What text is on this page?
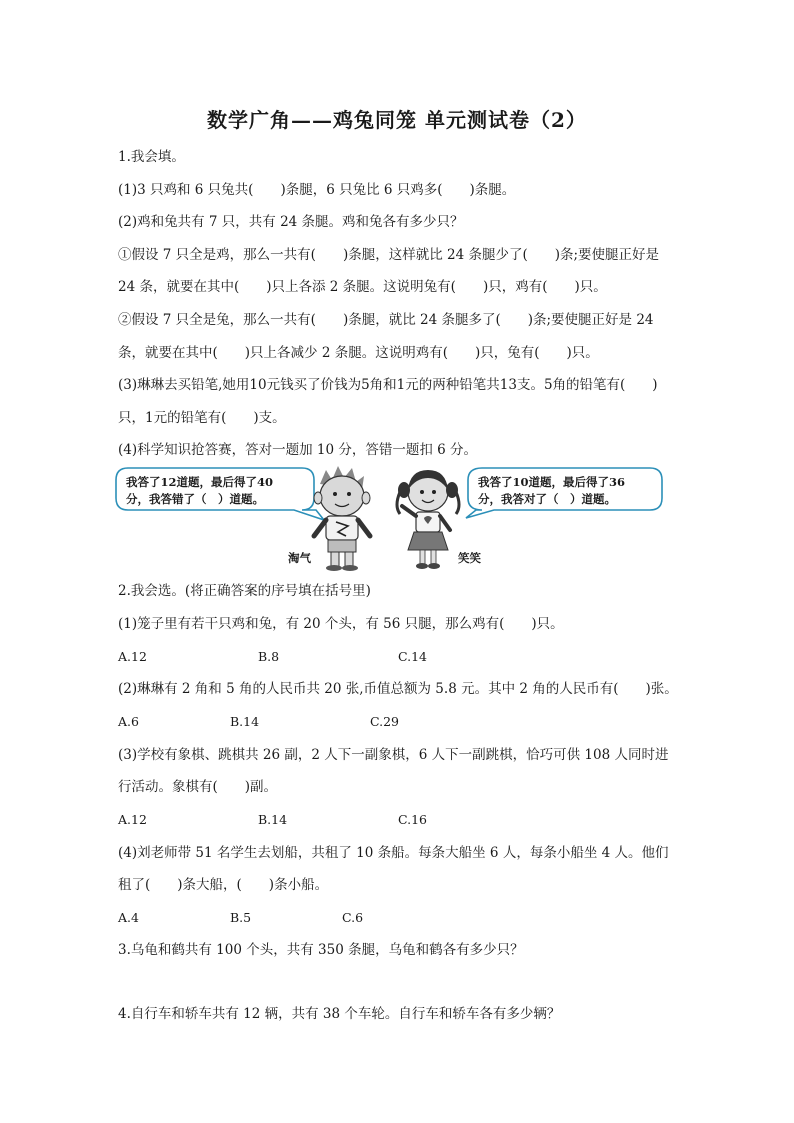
数学广角——鸡兔同笼 单元测试卷（2）
1.我会填。
(1)3 只鸡和 6 只兔共(　　)条腿，6 只兔比 6 只鸡多(　　)条腿。
(2)鸡和兔共有 7 只，共有 24 条腿。鸡和兔各有多少只？
①假设 7 只全是鸡，那么一共有(　　)条腿，这样就比 24 条腿少了(　　)条;要使腿正好是
24 条，就要在其中(　　)只上各添 2 条腿。这说明兔有(　　)只，鸡有(　　)只。
②假设 7 只全是兔，那么一共有(　　)条腿，就比 24 条腿多了(　　)条;要使腿正好是 24
条，就要在其中(　　)只上各减少 2 条腿。这说明鸡有(　　)只，兔有(　　)只。
(3)琳琳去买铅笔,她用10元钱买了价钱为5角和1元的两种铅笔共13支。5角的铅笔有(　　)
只，1元的铅笔有(　　)支。
(4)科学知识抢答赛，答对一题加 10 分，答错一题扣 6 分。
我答了12道题，最后得了40
分，我答错了（　）道题。
我答了10道题，最后得了36
分，我答对了（　）道题。
淘气	笑笑
2.我会选。(将正确答案的序号填在括号里)
(1)笼子里有若干只鸡和兔，有 20 个头，有 56 只腿，那么鸡有(　　)只。
A.12	B.8	C.14
(2)琳琳有 2 角和 5 角的人民币共 20 张,币值总额为 5.8 元。其中 2 角的人民币有(　　)张。
A.6	B.14	C.29
(3)学校有象棋、跳棋共 26 副，2 人下一副象棋，6 人下一副跳棋，恰巧可供 108 人同时进
行活动。象棋有(　　)副。
A.12	B.14	C.16
(4)刘老师带 51 名学生去划船，共租了 10 条船。每条大船坐 6 人，每条小船坐 4 人。他们
租了(　　)条大船，(　　)条小船。
A.4	B.5	C.6
3.乌龟和鹤共有 100 个头，共有 350 条腿，乌龟和鹤各有多少只？
4.自行车和轿车共有 12 辆，共有 38 个车轮。自行车和轿车各有多少辆？
